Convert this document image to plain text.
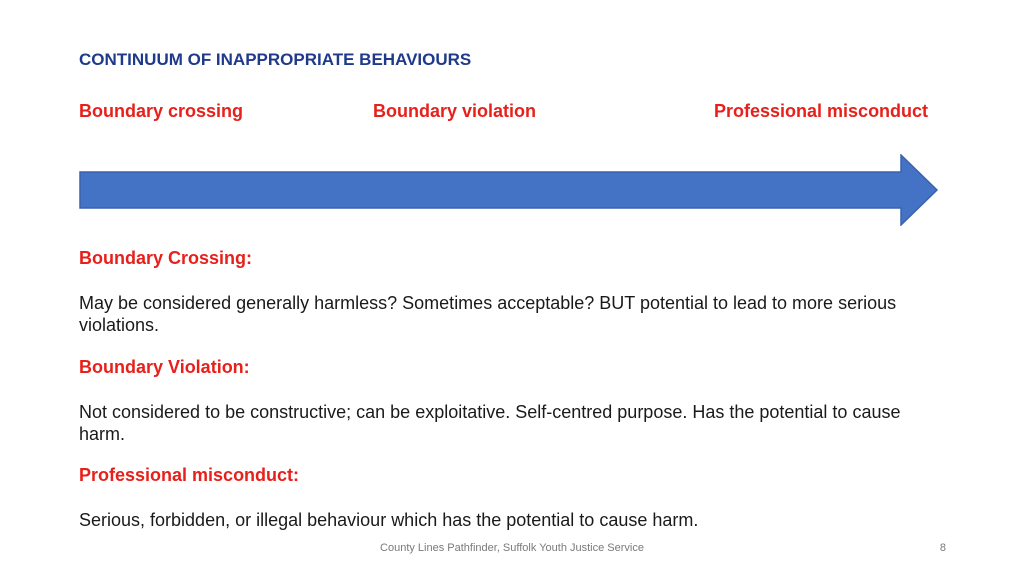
CONTINUUM OF INAPPROPRIATE BEHAVIOURS
Boundary crossing	Boundary violation	Professional misconduct
Boundary Crossing:
May be considered generally harmless? Sometimes acceptable? BUT potential to lead to more serious violations.
Boundary Violation:
Not considered to be constructive; can be exploitative. Self-centred purpose. Has the potential to cause harm.
Professional misconduct:
Serious, forbidden, or illegal behaviour which has the potential to cause harm.
County Lines Pathfinder, Suffolk Youth Justice Service	8
